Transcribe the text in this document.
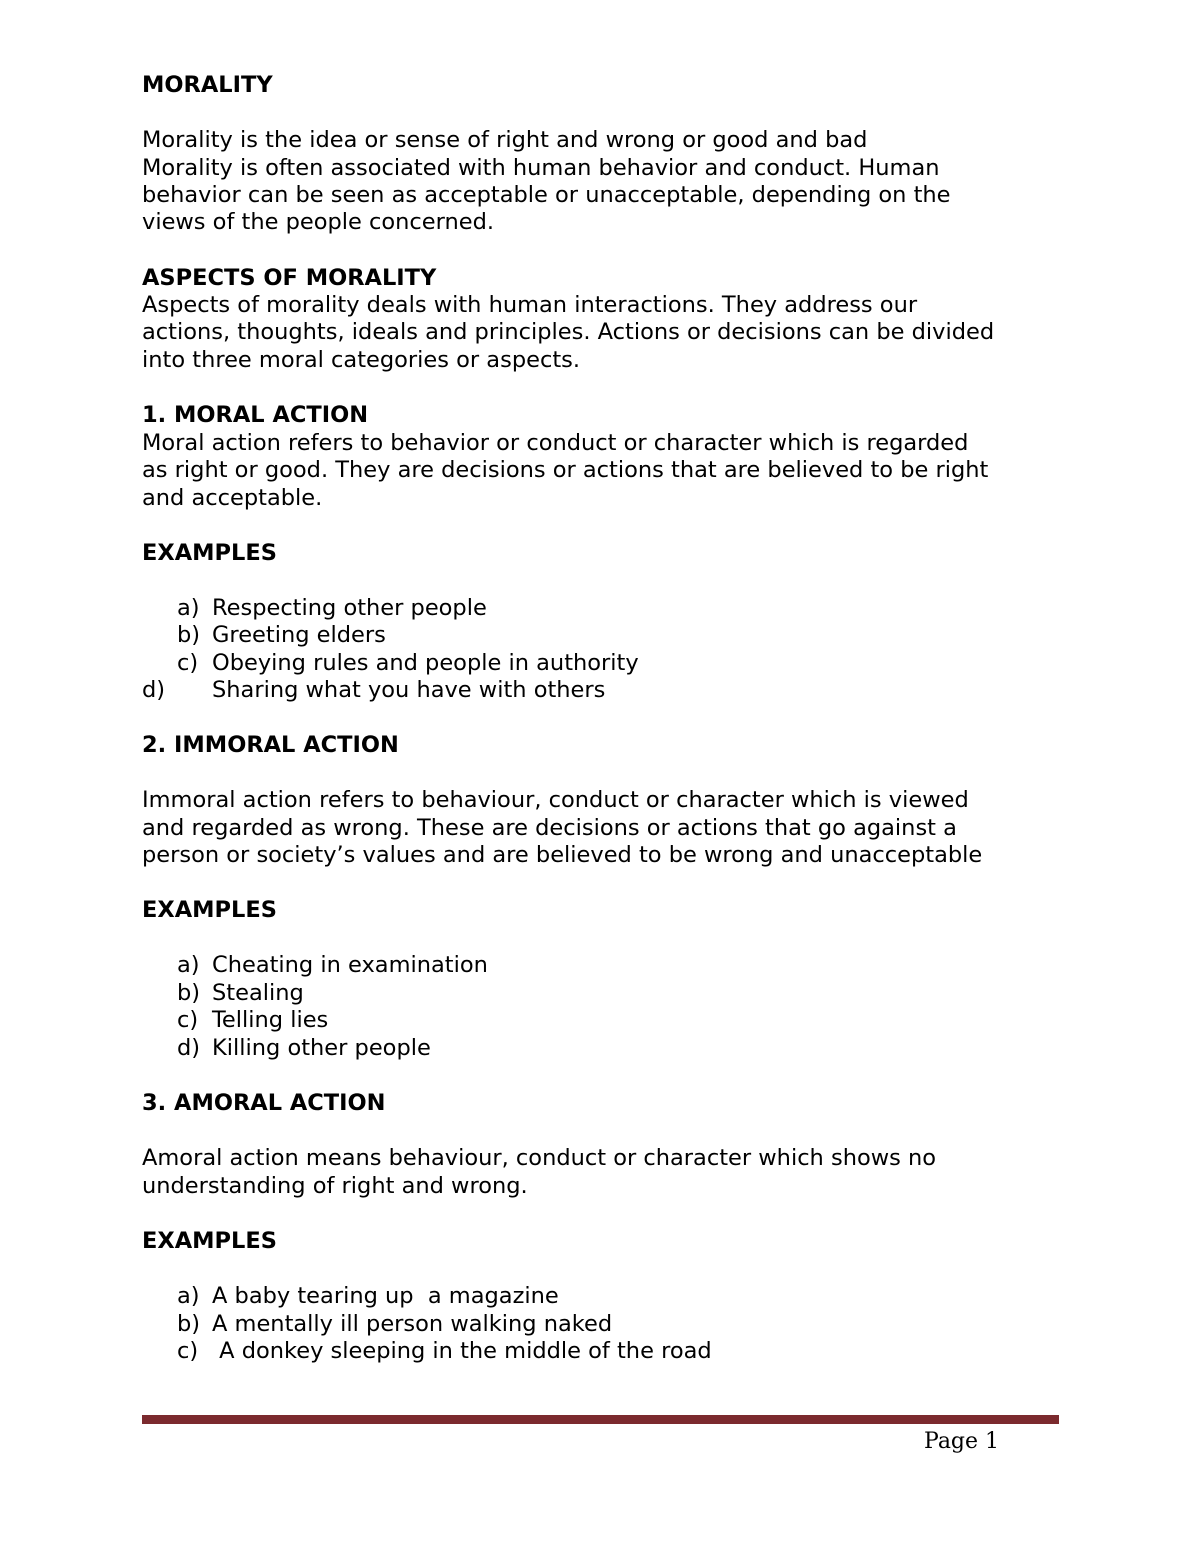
MORALITY
Morality is the idea or sense of right and wrong or good and bad
Morality is often associated with human behavior and conduct. Human
behavior can be seen as acceptable or unacceptable, depending on the
views of the people concerned.
ASPECTS OF MORALITY
Aspects of morality deals with human interactions. They address our
actions, thoughts, ideals and principles. Actions or decisions can be divided
into three moral categories or aspects.
1. MORAL ACTION
Moral action refers to behavior or conduct or character which is regarded
as right or good. They are decisions or actions that are believed to be right
and acceptable.
EXAMPLES
a) Respecting other people
b) Greeting elders
c) Obeying rules and people in authority
d) Sharing what you have with others
2. IMMORAL ACTION
Immoral action refers to behaviour, conduct or character which is viewed
and regarded as wrong. These are decisions or actions that go against a
person or society’s values and are believed to be wrong and unacceptable
EXAMPLES
a) Cheating in examination
b) Stealing
c) Telling lies
d) Killing other people
3. AMORAL ACTION
Amoral action means behaviour, conduct or character which shows no
understanding of right and wrong.
EXAMPLES
a) A baby tearing up  a magazine
b) A mentally ill person walking naked
c) A donkey sleeping in the middle of the road
Page 1
